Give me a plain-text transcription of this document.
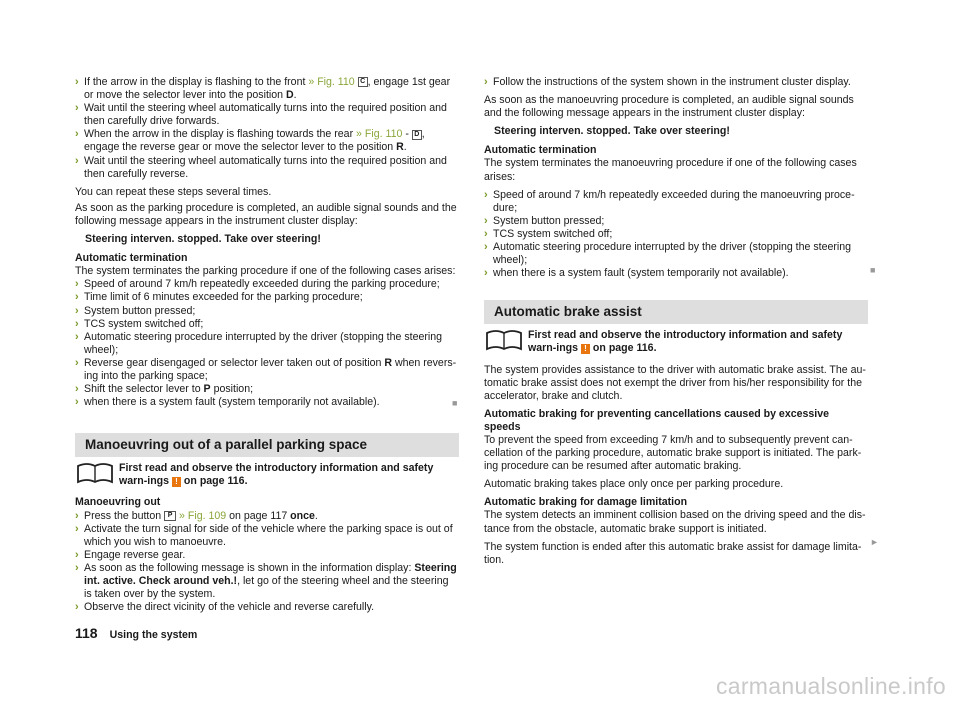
› If the arrow in the display is flashing to the front » Fig. 110 C , engage 1st gear or move the selector lever into the position D.
› Wait until the steering wheel automatically turns into the required position and then carefully drive forwards.
› When the arrow in the display is flashing towards the rear » Fig. 110 - D , engage the reverse gear or move the selector lever to the position R.
› Wait until the steering wheel automatically turns into the required position and then carefully reverse.

You can repeat these steps several times.

As soon as the parking procedure is completed, an audible signal sounds and the following message appears in the instrument cluster display:

Steering interven. stopped. Take over steering!

Automatic termination

The system terminates the parking procedure if one of the following cases arises:

› Speed of around 7 km/h repeatedly exceeded during the parking procedure;
› Time limit of 6 minutes exceeded for the parking procedure;
› System button pressed;
› TCS system switched off;
› Automatic steering procedure interrupted by the driver (stopping the steering wheel);
› Reverse gear disengaged or selector lever taken out of position R when revers-ing into the parking space;
› Shift the selector lever to P position;
› when there is a system fault (system temporarily not available).

Manoeuvring out of a parallel parking space

First read and observe the introductory information and safety warn-ings ! on page 116.

Manoeuvring out

› Press the button P » Fig. 109 on page 117 once.
› Activate the turn signal for side of the vehicle where the parking space is out of which you wish to manoeuvre.
› Engage reverse gear.
› As soon as the following message is shown in the information display: Steering int. active. Check around veh.!, let go of the steering wheel and the steering is taken over by the system.
› Observe the direct vicinity of the vehicle and reverse carefully.
■
› Follow the instructions of the system shown in the instrument cluster display.

As soon as the manoeuvring procedure is completed, an audible signal sounds and the following message appears in the instrument cluster display:

Steering interven. stopped. Take over steering!

Automatic termination

The system terminates the manoeuvring procedure if one of the following cases arises:

› Speed of around 7 km/h repeatedly exceeded during the manoeuvring proce-dure;
› System button pressed;
› TCS system switched off;
› Automatic steering procedure interrupted by the driver (stopping the steering wheel);
› when there is a system fault (system temporarily not available).

Automatic brake assist

First read and observe the introductory information and safety warn-ings ! on page 116.

The system provides assistance to the driver with automatic brake assist. The au-tomatic brake assist does not exempt the driver from his/her responsibility for the accelerator, brake and clutch.

Automatic braking for preventing cancellations caused by excessive speeds

To prevent the speed from exceeding 7 km/h and to subsequently prevent can-cellation of the parking procedure, automatic brake support is initiated. The park-ing procedure can be resumed after automatic braking.

Automatic braking takes place only once per parking procedure.

Automatic braking for damage limitation

The system detects an imminent collision based on the driving speed and the dis-tance from the obstacle, automatic brake support is initiated.

The system function is ended after this automatic brake assist for damage limita-tion.

■
►
118 Using the system
carmanualsonline.info
